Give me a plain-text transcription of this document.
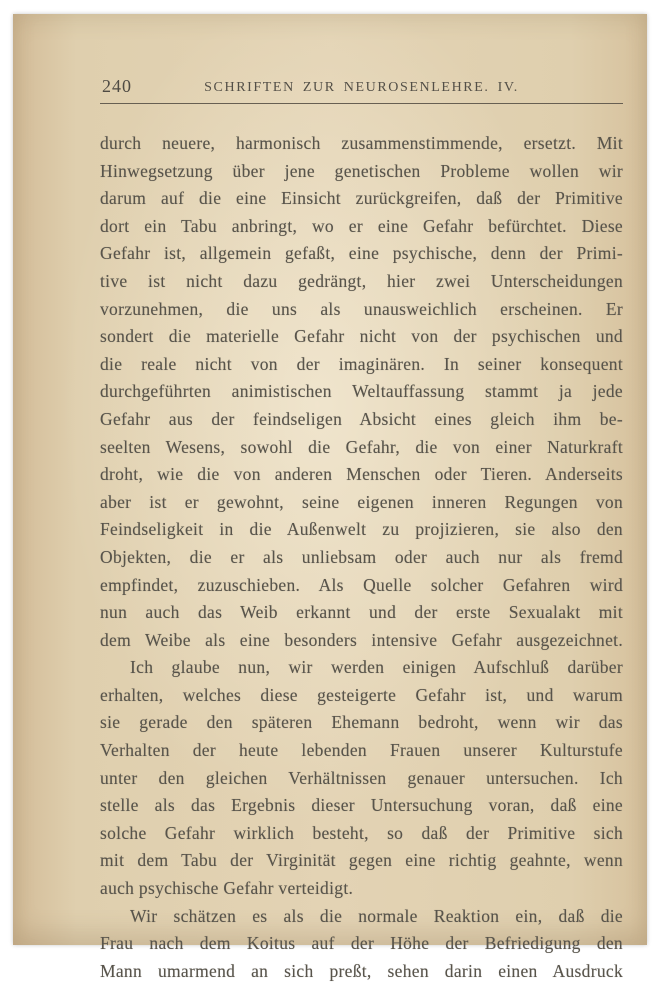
240	SCHRIFTEN ZUR NEUROSENLEHRE. IV.
durch neuere, harmonisch zusammenstimmende, ersetzt. Mit
Hinwegsetzung über jene genetischen Probleme wollen wir
darum auf die eine Einsicht zurückgreifen, daß der Primitive
dort ein Tabu anbringt, wo er eine Gefahr befürchtet. Diese
Gefahr ist, allgemein gefaßt, eine psychische, denn der Primi-
tive ist nicht dazu gedrängt, hier zwei Unterscheidungen
vorzunehmen, die uns als unausweichlich erscheinen. Er
sondert die materielle Gefahr nicht von der psychischen und
die reale nicht von der imaginären. In seiner konsequent
durchgeführten animistischen Weltauffassung stammt ja jede
Gefahr aus der feindseligen Absicht eines gleich ihm be-
seelten Wesens, sowohl die Gefahr, die von einer Naturkraft
droht, wie die von anderen Menschen oder Tieren. Anderseits
aber ist er gewohnt, seine eigenen inneren Regungen von
Feindseligkeit in die Außenwelt zu projizieren, sie also den
Objekten, die er als unliebsam oder auch nur als fremd
empfindet, zuzuschieben. Als Quelle solcher Gefahren wird
nun auch das Weib erkannt und der erste Sexualakt mit
dem Weibe als eine besonders intensive Gefahr ausgezeichnet.
Ich glaube nun, wir werden einigen Aufschluß darüber
erhalten, welches diese gesteigerte Gefahr ist, und warum
sie gerade den späteren Ehemann bedroht, wenn wir das
Verhalten der heute lebenden Frauen unserer Kulturstufe
unter den gleichen Verhältnissen genauer untersuchen. Ich
stelle als das Ergebnis dieser Untersuchung voran, daß eine
solche Gefahr wirklich besteht, so daß der Primitive sich
mit dem Tabu der Virginität gegen eine richtig geahnte, wenn
auch psychische Gefahr verteidigt.
Wir schätzen es als die normale Reaktion ein, daß die
Frau nach dem Koitus auf der Höhe der Befriedigung den
Mann umarmend an sich preßt, sehen darin einen Ausdruck
